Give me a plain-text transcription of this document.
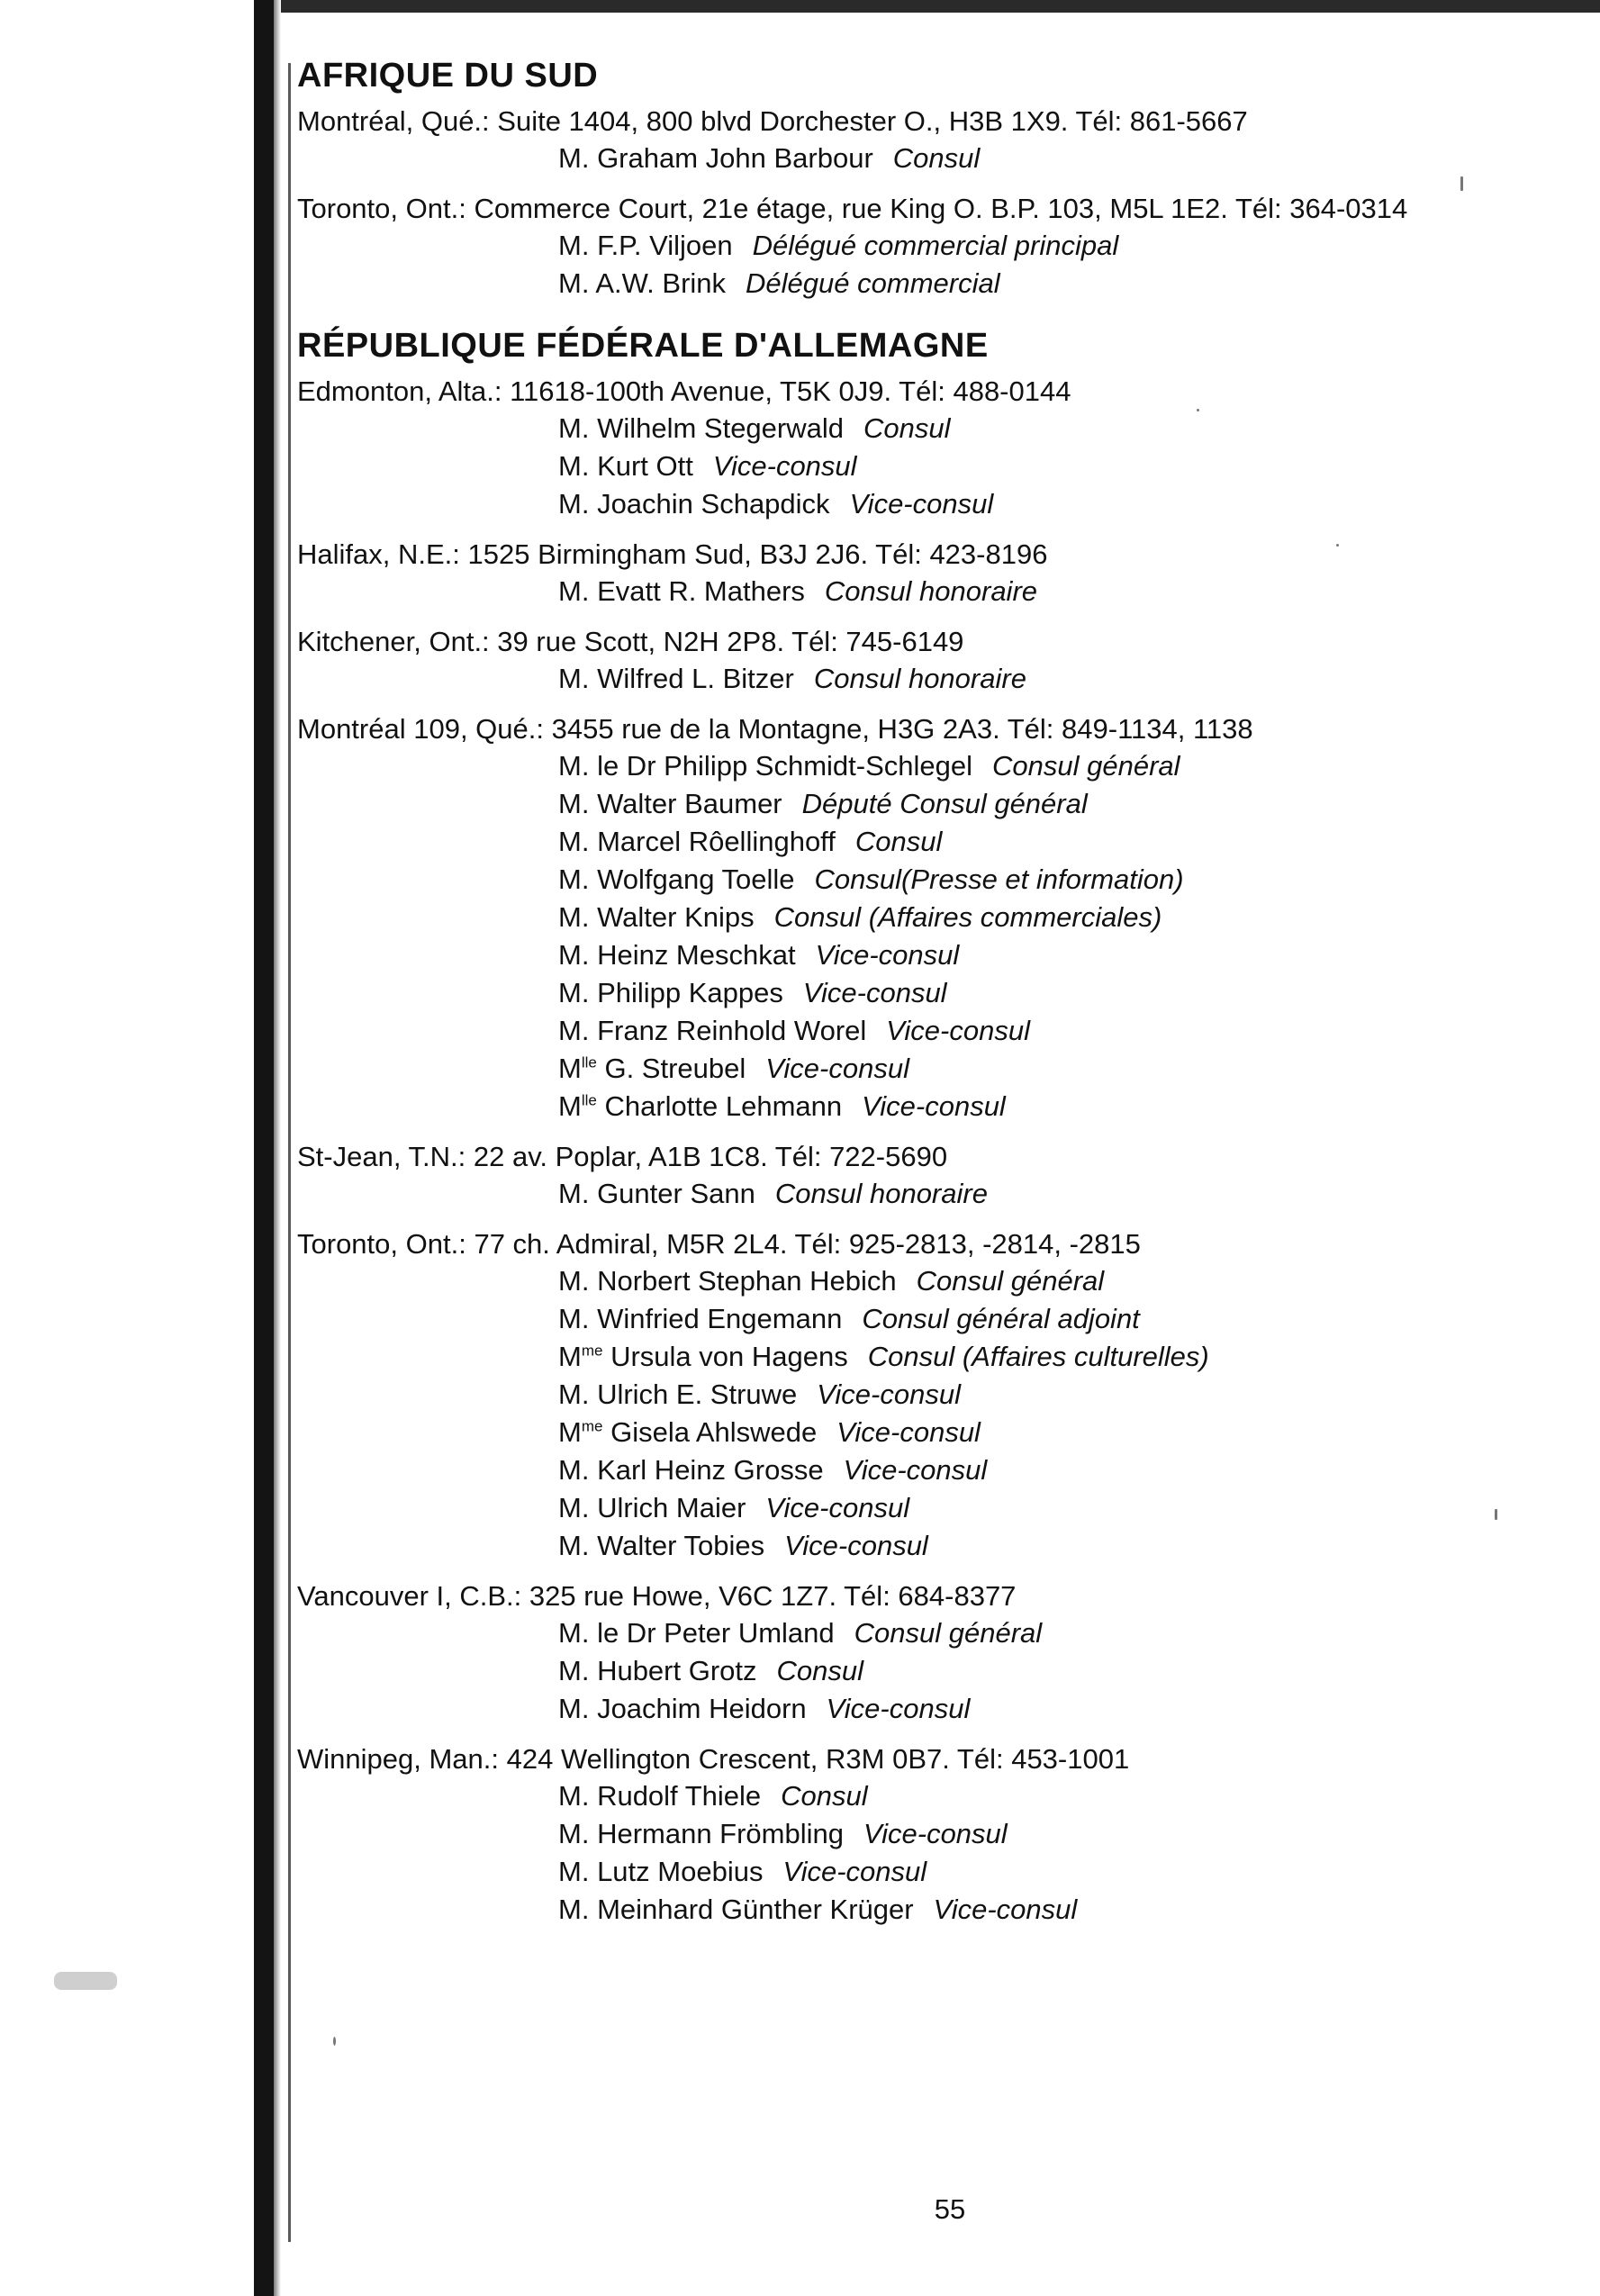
AFRIQUE DU SUD
Montréal, Qué.: Suite 1404, 800 blvd Dorchester O., H3B 1X9. Tél: 861-5667
M. Graham John Barbour Consul
Toronto, Ont.: Commerce Court, 21e étage, rue King O. B.P. 103, M5L 1E2. Tél: 364-0314
M. F.P. Viljoen Délégué commercial principal
M. A.W. Brink Délégué commercial
RÉPUBLIQUE FÉDÉRALE D'ALLEMAGNE
Edmonton, Alta.: 11618-100th Avenue, T5K 0J9. Tél: 488-0144
M. Wilhelm Stegerwald Consul
M. Kurt Ott Vice-consul
M. Joachin Schapdick Vice-consul
Halifax, N.E.: 1525 Birmingham Sud, B3J 2J6. Tél: 423-8196
M. Evatt R. Mathers Consul honoraire
Kitchener, Ont.: 39 rue Scott, N2H 2P8. Tél: 745-6149
M. Wilfred L. Bitzer Consul honoraire
Montréal 109, Qué.: 3455 rue de la Montagne, H3G 2A3. Tél: 849-1134, 1138
M. le Dr Philipp Schmidt-Schlegel Consul général
M. Walter Baumer Député Consul général
M. Marcel Rôellinghoff Consul
M. Wolfgang Toelle Consul(Presse et information)
M. Walter Knips Consul (Affaires commerciales)
M. Heinz Meschkat Vice-consul
M. Philipp Kappes Vice-consul
M. Franz Reinhold Worel Vice-consul
$M^{lle}$ G. Streubel Vice-consul
$M^{lle}$ Charlotte Lehmann Vice-consul
St-Jean, T.N.: 22 av. Poplar, A1B 1C8. Tél: 722-5690
M. Gunter Sann Consul honoraire
Toronto, Ont.: 77 ch. Admiral, M5R 2L4. Tél: 925-2813, -2814, -2815
M. Norbert Stephan Hebich Consul général
M. Winfried Engemann Consul général adjoint
$M^{me}$ Ursula von Hagens Consul (Affaires culturelles)
M. Ulrich E. Struwe Vice-consul
$M^{me}$ Gisela Ahlswede Vice-consul
M. Karl Heinz Grosse Vice-consul
M. Ulrich Maier Vice-consul
M. Walter Tobies Vice-consul
Vancouver I, C.B.: 325 rue Howe, V6C 1Z7. Tél: 684-8377
M. le Dr Peter Umland Consul général
M. Hubert Grotz Consul
M. Joachim Heidorn Vice-consul
Winnipeg, Man.: 424 Wellington Crescent, R3M 0B7. Tél: 453-1001
M. Rudolf Thiele Consul
M. Hermann Frömbling Vice-consul
M. Lutz Moebius Vice-consul
M. Meinhard Günther Krüger Vice-consul
55
